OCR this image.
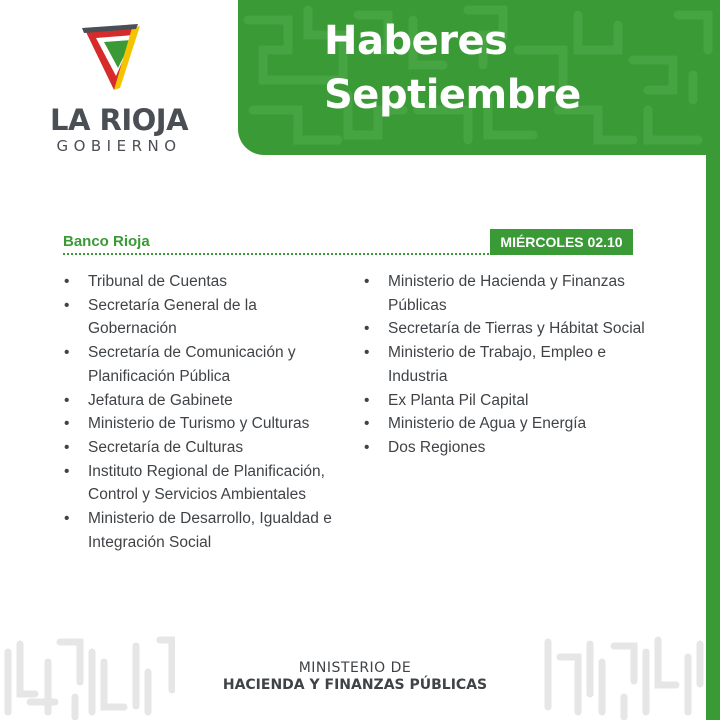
Haberes
Septiembre
LA RIOJA
GOBIERNO
Banco Rioja	MIÉRCOLES 02.10
• Tribunal de Cuentas
• Secretaría General de la Gobernación
• Secretaría de Comunicación y Planificación Pública
• Jefatura de Gabinete
• Ministerio de Turismo y Culturas
• Secretaría de Culturas
• Instituto Regional de Planificación, Control y Servicios Ambientales
• Ministerio de Desarrollo, Igualdad e Integración Social
• Ministerio de Hacienda y Finanzas Públicas
• Secretaría de Tierras y Hábitat Social
• Ministerio de Trabajo, Empleo e Industria
• Ex Planta Pil Capital
• Ministerio de Agua y Energía
• Dos Regiones
MINISTERIO DE
HACIENDA Y FINANZAS PÚBLICAS
